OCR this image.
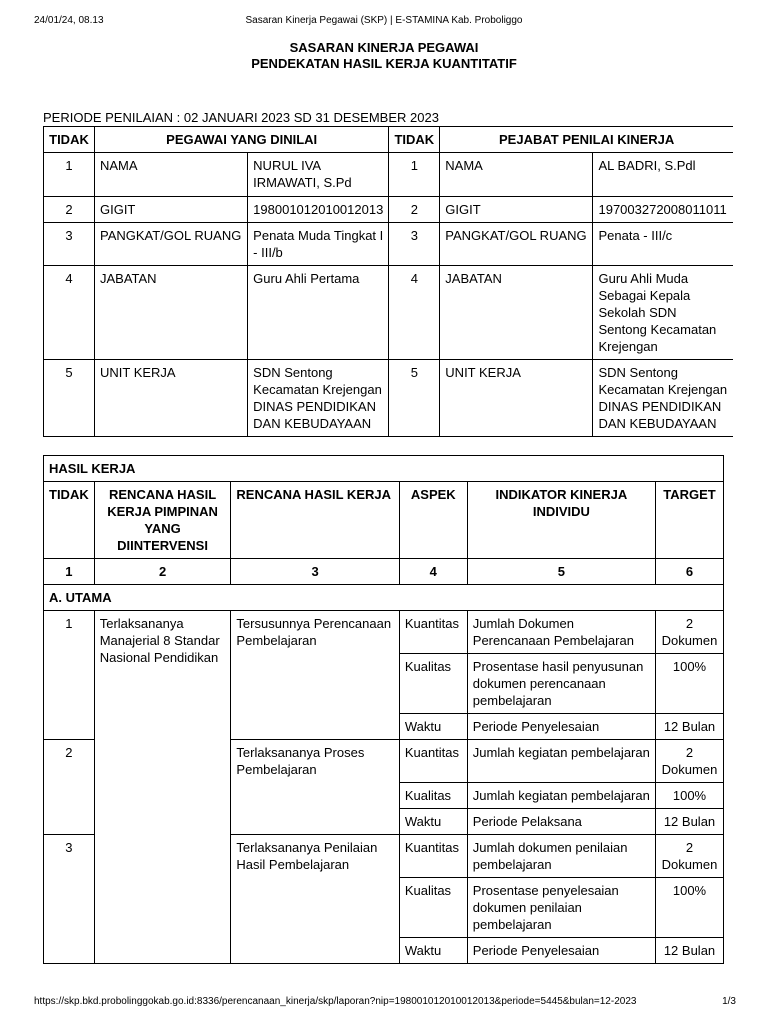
24/01/24, 08.13	Sasaran Kinerja Pegawai (SKP) | E-STAMINA Kab. Proboliggo
SASARAN KINERJA PEGAWAI
PENDEKATAN HASIL KERJA KUANTITATIF
PERIODE PENILAIAN : 02 JANUARI 2023 SD 31 DESEMBER 2023
TIDAK	PEGAWAI YANG DINILAI		TIDAK	PEJABAT PENILAI KINERJA	
1	NAMA	NURUL IVA IRMAWATI, S.Pd	1	NAMA	AL BADRI, S.Pdl
2	GIGIT	198001012010012013	2	GIGIT	197003272008011011
3	PANGKAT/GOL RUANG	Penata Muda Tingkat I - III/b	3	PANGKAT/GOL RUANG	Penata - III/c
4	JABATAN	Guru Ahli Pertama	4	JABATAN	Guru Ahli Muda Sebagai Kepala Sekolah SDN Sentong Kecamatan Krejengan
5	UNIT KERJA	SDN Sentong Kecamatan Krejengan DINAS PENDIDIKAN DAN KEBUDAYAAN	5	UNIT KERJA	SDN Sentong Kecamatan Krejengan DINAS PENDIDIKAN DAN KEBUDAYAAN
HASIL KERJA					
TIDAK	RENCANA HASIL KERJA PIMPINAN YANG DIINTERVENSI	RENCANA HASIL KERJA	ASPEK	INDIKATOR KINERJA INDIVIDU	TARGET
1	2	3	4	5	6
A. UTAMA					
1	Terlaksananya Manajerial 8 Standar Nasional Pendidikan	Tersusunnya Perencanaan Pembelajaran	Kuantitas	Jumlah Dokumen Perencanaan Pembelajaran	2 Dokumen
			Kualitas	Prosentase hasil penyusunan dokumen perencanaan pembelajaran	100%
			Waktu	Periode Penyelesaian	12 Bulan
2		Terlaksananya Proses Pembelajaran	Kuantitas	Jumlah kegiatan pembelajaran	2 Dokumen
			Kualitas	Jumlah kegiatan pembelajaran	100%
			Waktu	Periode Pelaksana	12 Bulan
3		Terlaksananya Penilaian Hasil Pembelajaran	Kuantitas	Jumlah dokumen penilaian pembelajaran	2 Dokumen
			Kualitas	Prosentase penyelesaian dokumen penilaian pembelajaran	100%
			Waktu	Periode Penyelesaian	12 Bulan
https://skp.bkd.probolinggokab.go.id:8336/perencanaan_kinerja/skp/laporan?nip=198001012010012013&periode=5445&bulan=12-2023	1/3
